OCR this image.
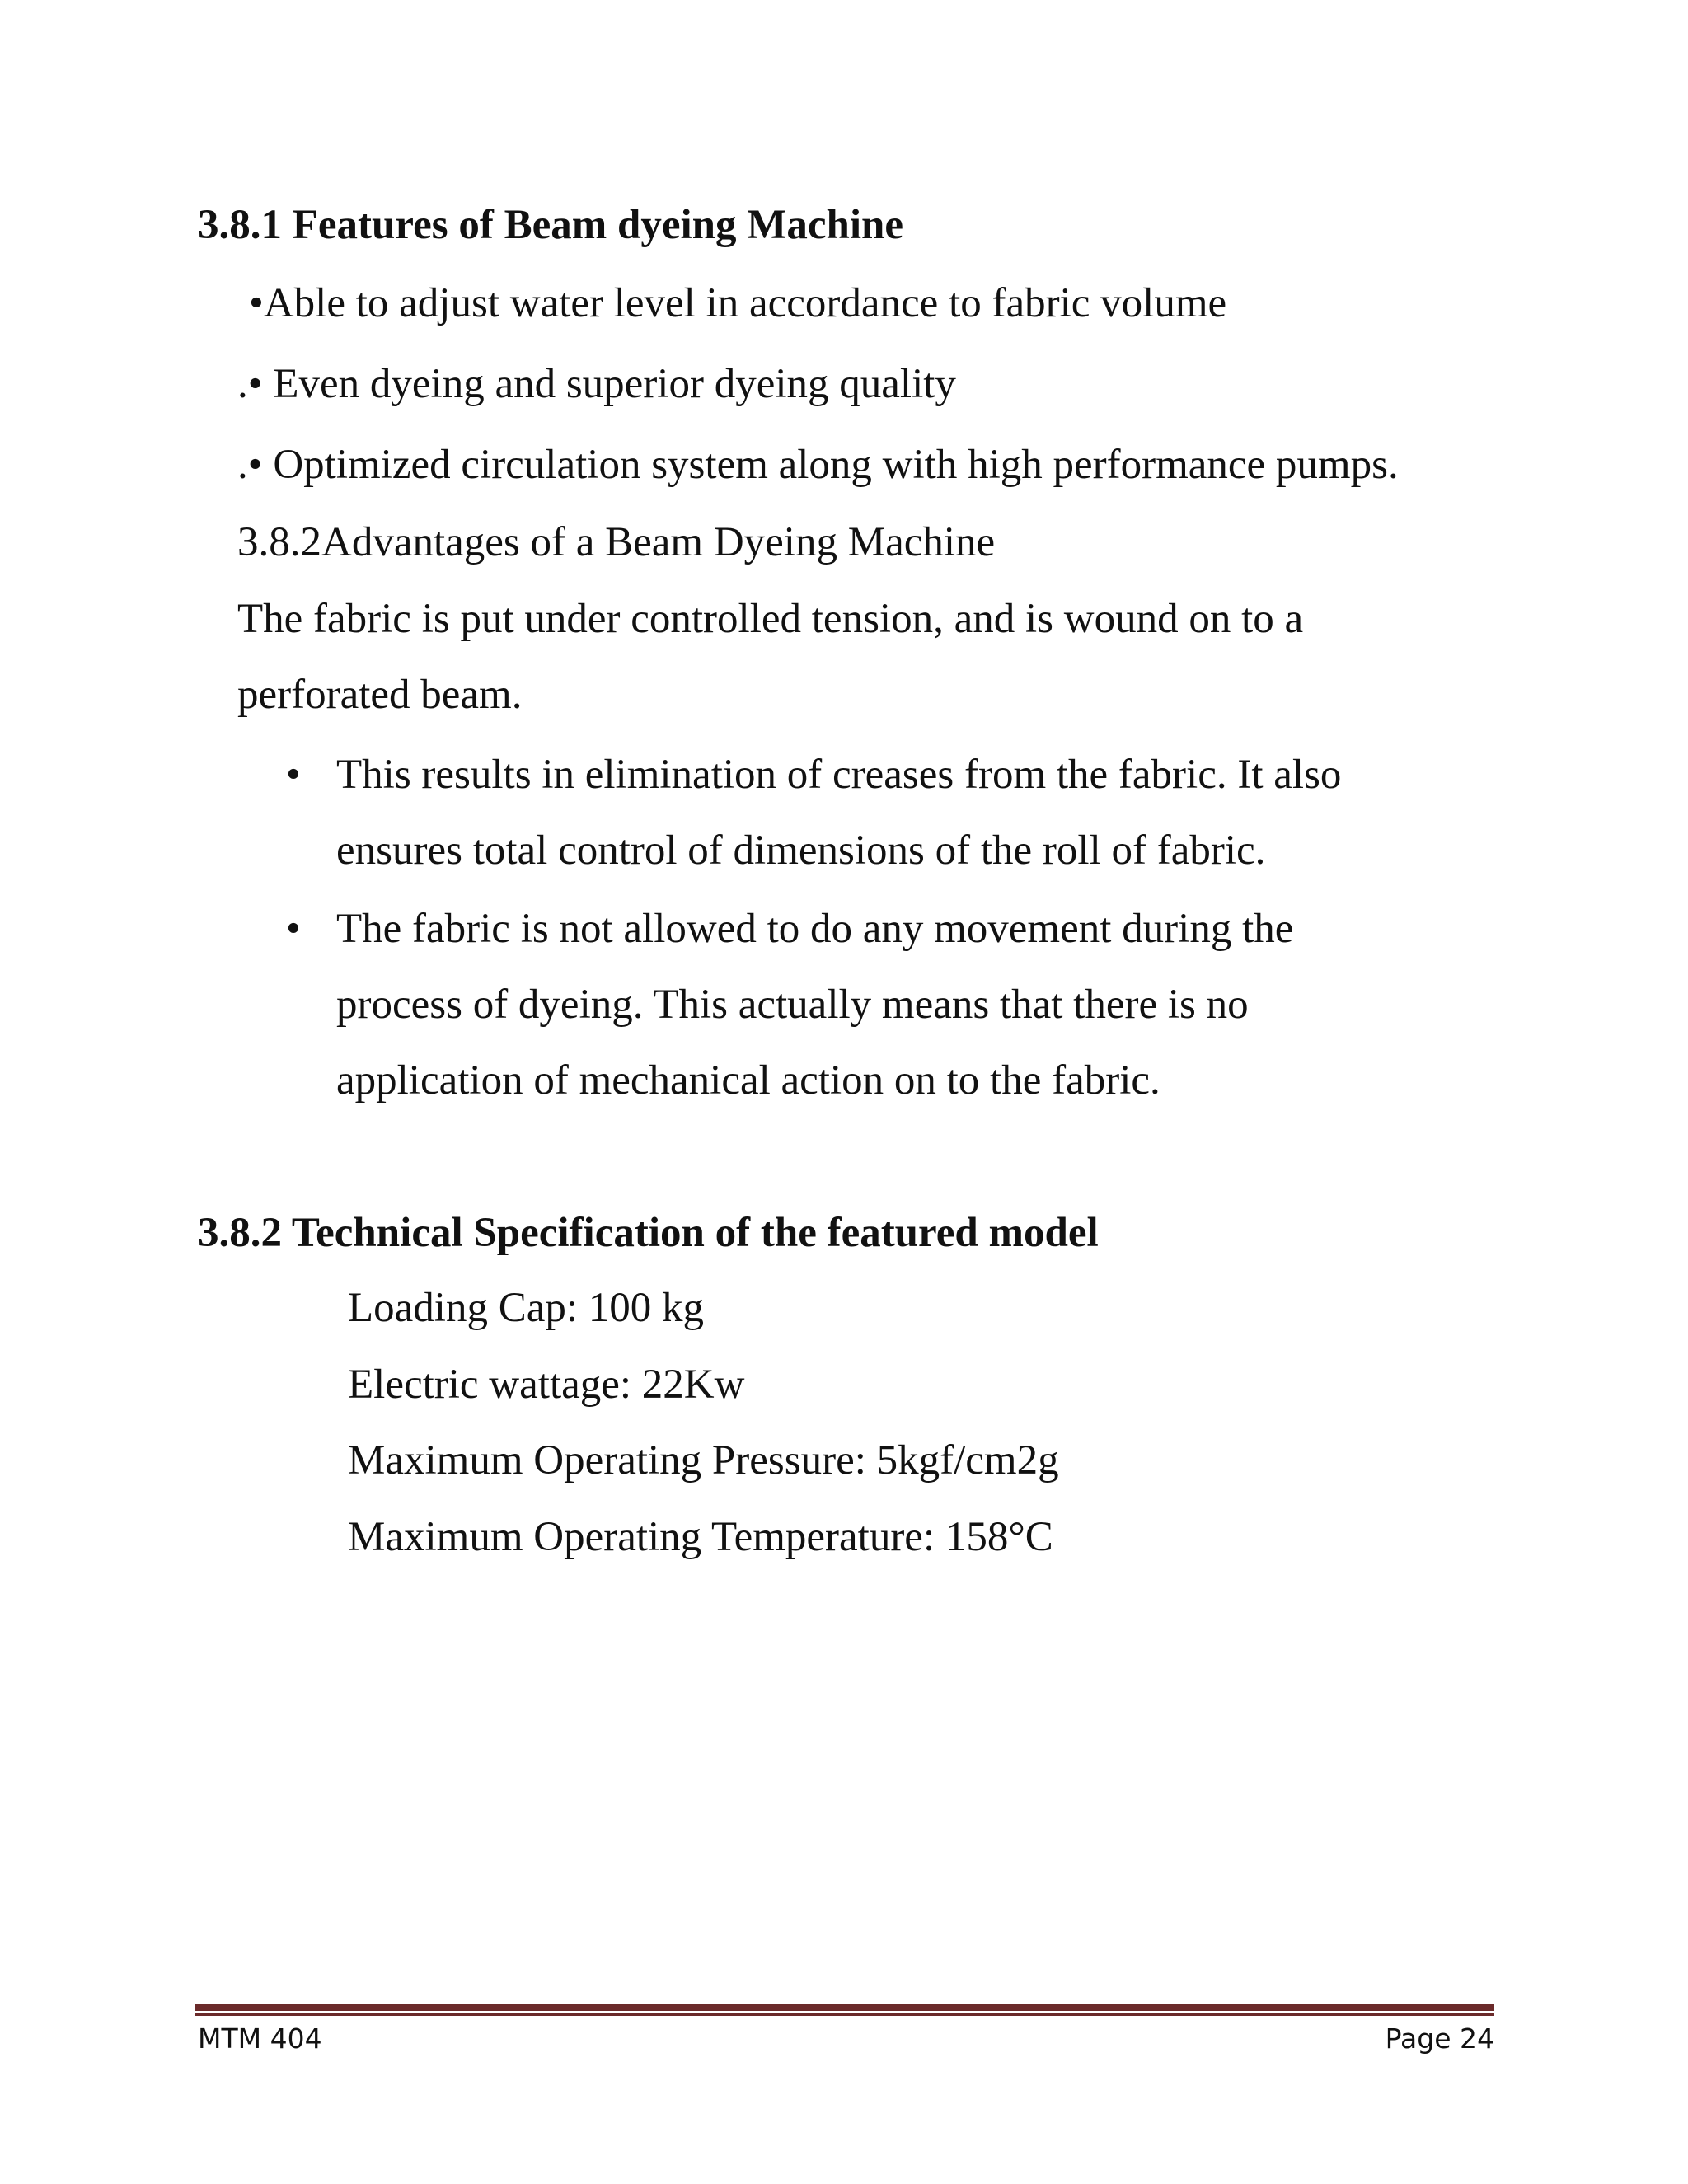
3.8.1 Features of Beam dyeing Machine
•Able to adjust water level in accordance to fabric volume
.• Even dyeing and superior dyeing quality
.• Optimized circulation system along with high performance pumps.
3.8.2Advantages of a Beam Dyeing Machine
The fabric is put under controlled tension, and is wound on to a
perforated beam.
• This results in elimination of creases from the fabric. It also
ensures total control of dimensions of the roll of fabric.
• The fabric is not allowed to do any movement during the
process of dyeing. This actually means that there is no
application of mechanical action on to the fabric.
3.8.2 Technical Specification of the featured model
Loading Cap: 100 kg
Electric wattage: 22Kw
Maximum Operating Pressure: 5kgf/cm2g
Maximum Operating Temperature: 158°C
MTM 404	Page 24
